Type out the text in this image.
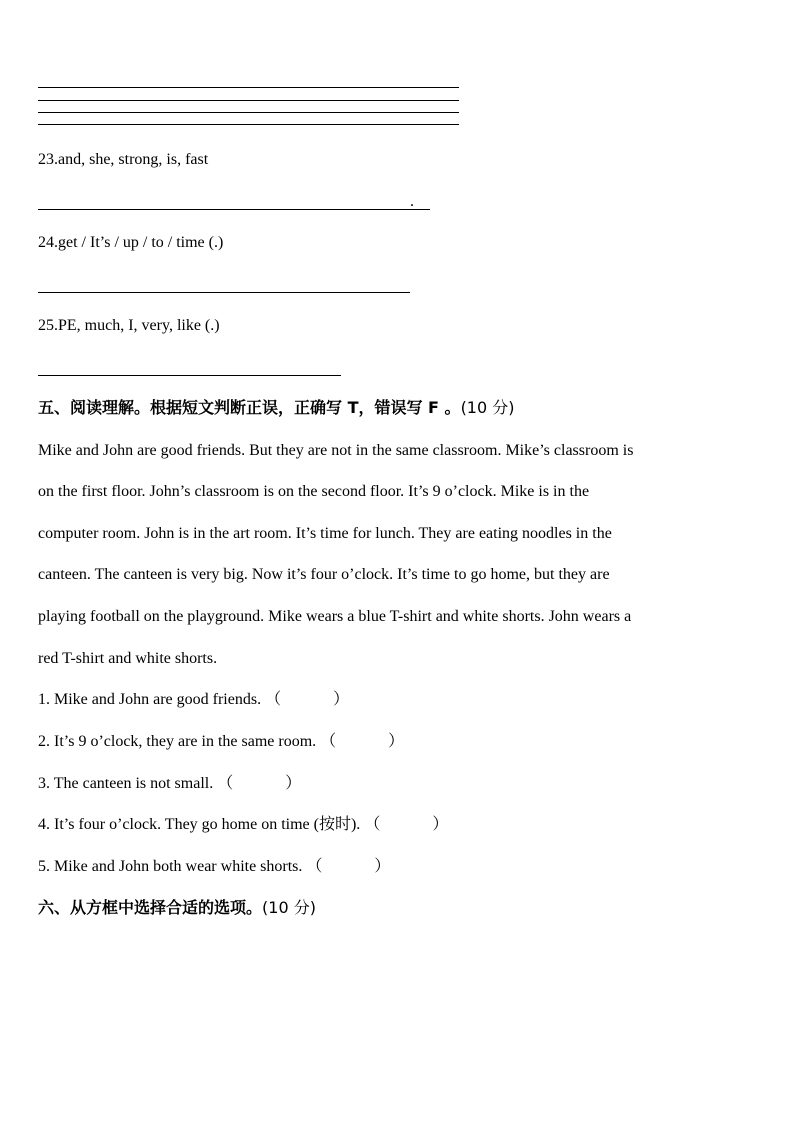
23.and, she, strong, is, fast
.
24.get / It’s / up / to / time (.)
25.PE, much, I, very, like (.)
五、阅读理解。根据短文判断正误，正确写 T，错误写 F 。(10 分)
Mike and John are good friends. But they are not in the same classroom. Mike’s classroom is
on the first floor. John’s classroom is on the second floor. It’s 9 o’clock. Mike is in the
computer room. John is in the art room. It’s time for lunch. They are eating noodles in the
canteen. The canteen is very big. Now it’s four o’clock. It’s time to go home, but they are
playing football on the playground. Mike wears a blue T-shirt and white shorts. John wears a
red T-shirt and white shorts.
1. Mike and John are good friends. （	）
2. It’s 9 o’clock, they are in the same room. （	）
3. The canteen is not small. （	）
4. It’s four o’clock. They go home on time (按时). （	）
5. Mike and John both wear white shorts. （	）
六、从方框中选择合适的选项。(10 分)
